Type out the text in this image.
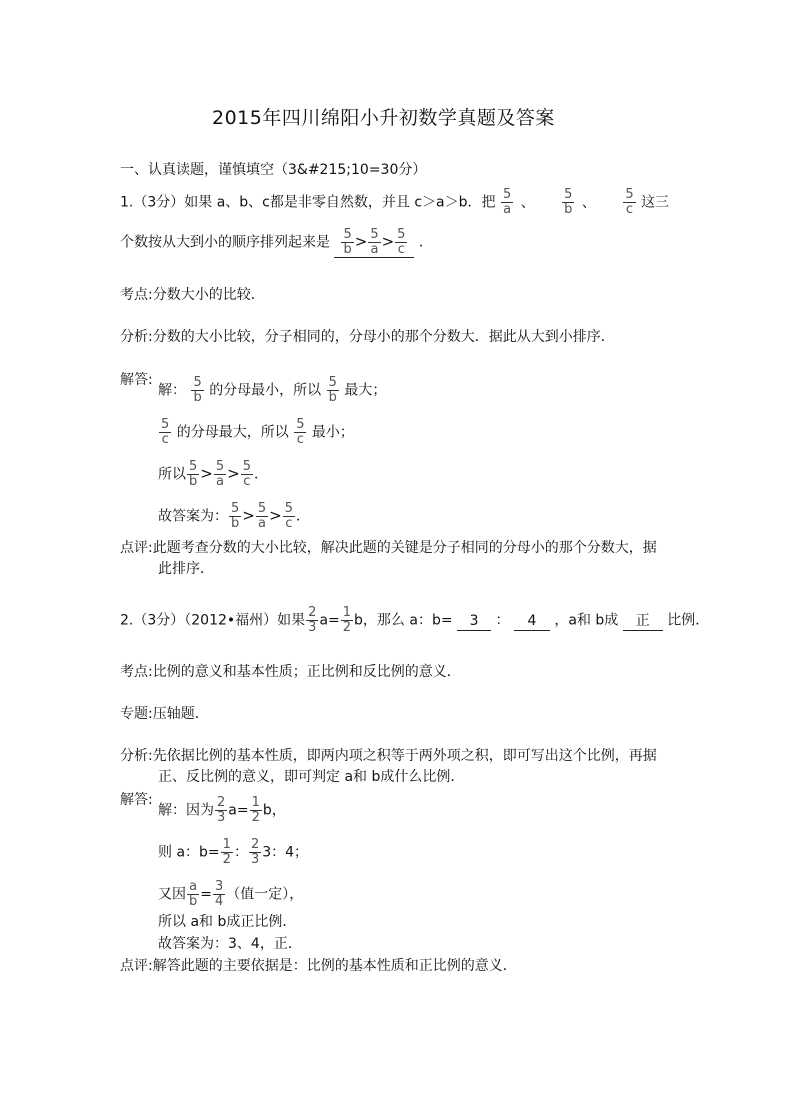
2015年四川绵阳小升初数学真题及答案
一、认真读题，谨慎填空（3&#215;10=30分）
1.（3分）如果 a、b、c都是非零自然数，并且 c＞a＞b．把 $\frac{5}{a}$ 、 $\frac{5}{b}$ 、 $\frac{5}{c}$ 这三
个数按从大到小的顺序排列起来是 $\frac{5}{b} > \frac{5}{a} > \frac{5}{c}$ ．
考点:分数大小的比较．
分析:分数的大小比较，分子相同的，分母小的那个分数大．据此从大到小排序．
解答:
解： $\frac{5}{b}$ 的分母最小，所以 $\frac{5}{b}$ 最大；
$\frac{5}{c}$ 的分母最大，所以 $\frac{5}{c}$ 最小；
所以 $\frac{5}{b} > \frac{5}{a} > \frac{5}{c}$ ．
故答案为： $\frac{5}{b} > \frac{5}{a} > \frac{5}{c}$ ．
点评:此题考查分数的大小比较，解决此题的关键是分子相同的分母小的那个分数大，据
此排序．
2.（3分）（2012•福州）如果 $\frac{2}{3} a= \frac{1}{2}$ b，那么 a：b= 3 ： 4 ，a和 b成 正 比例．
考点:比例的意义和基本性质；正比例和反比例的意义．
专题:压轴题．
分析:先依据比例的基本性质，即两内项之积等于两外项之积，即可写出这个比例，再据
正、反比例的意义，即可判定 a和 b成什么比例．
解答:
解：因为 $\frac{2}{3} a= \frac{1}{2}$ b，
则 a：$b= \frac{1}{2}$ ： $\frac{2}{3} 3$：4；
又因 $\frac{a}{b} = \frac{3}{4}$ （值一定），
所以 a和 b成正比例．
故答案为：3、4，正．
点评:解答此题的主要依据是：比例的基本性质和正比例的意义．
